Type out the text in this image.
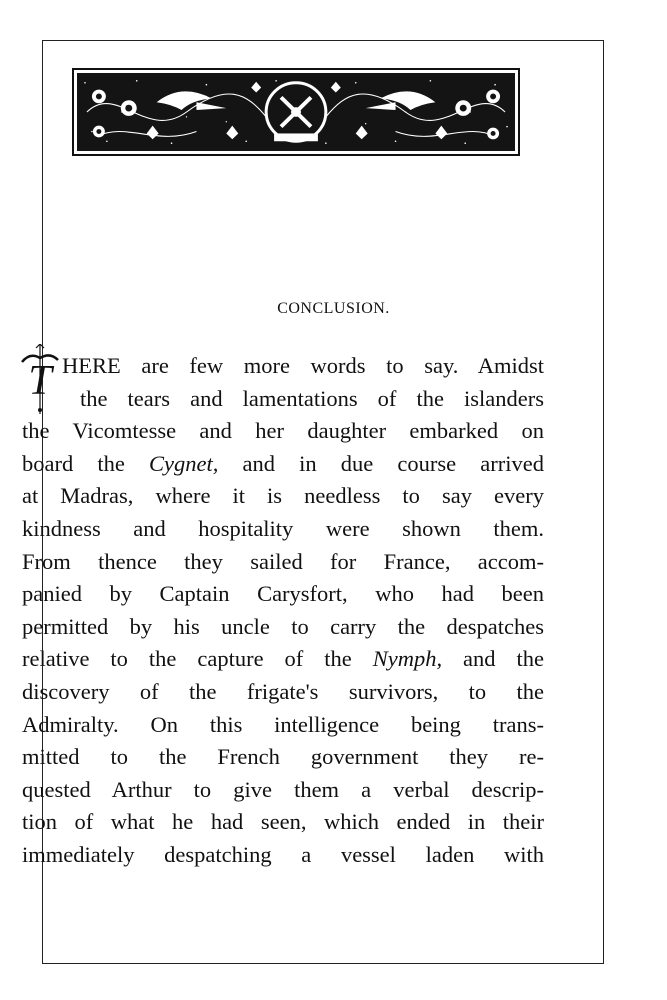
CONCLUSION.
T HERE are few more words to say. Amidst
the tears and lamentations of the islanders
the Vicomtesse and her daughter embarked on
board the Cygnet, and in due course arrived
at Madras, where it is needless to say every
kindness and hospitality were shown them.
From thence they sailed for France, accom-
panied by Captain Carysfort, who had been
permitted by his uncle to carry the despatches
relative to the capture of the Nymph, and the
discovery of the frigate's survivors, to the
Admiralty. On this intelligence being trans-
mitted to the French government they re-
quested Arthur to give them a verbal descrip-
tion of what he had seen, which ended in their
immediately despatching a vessel laden with
